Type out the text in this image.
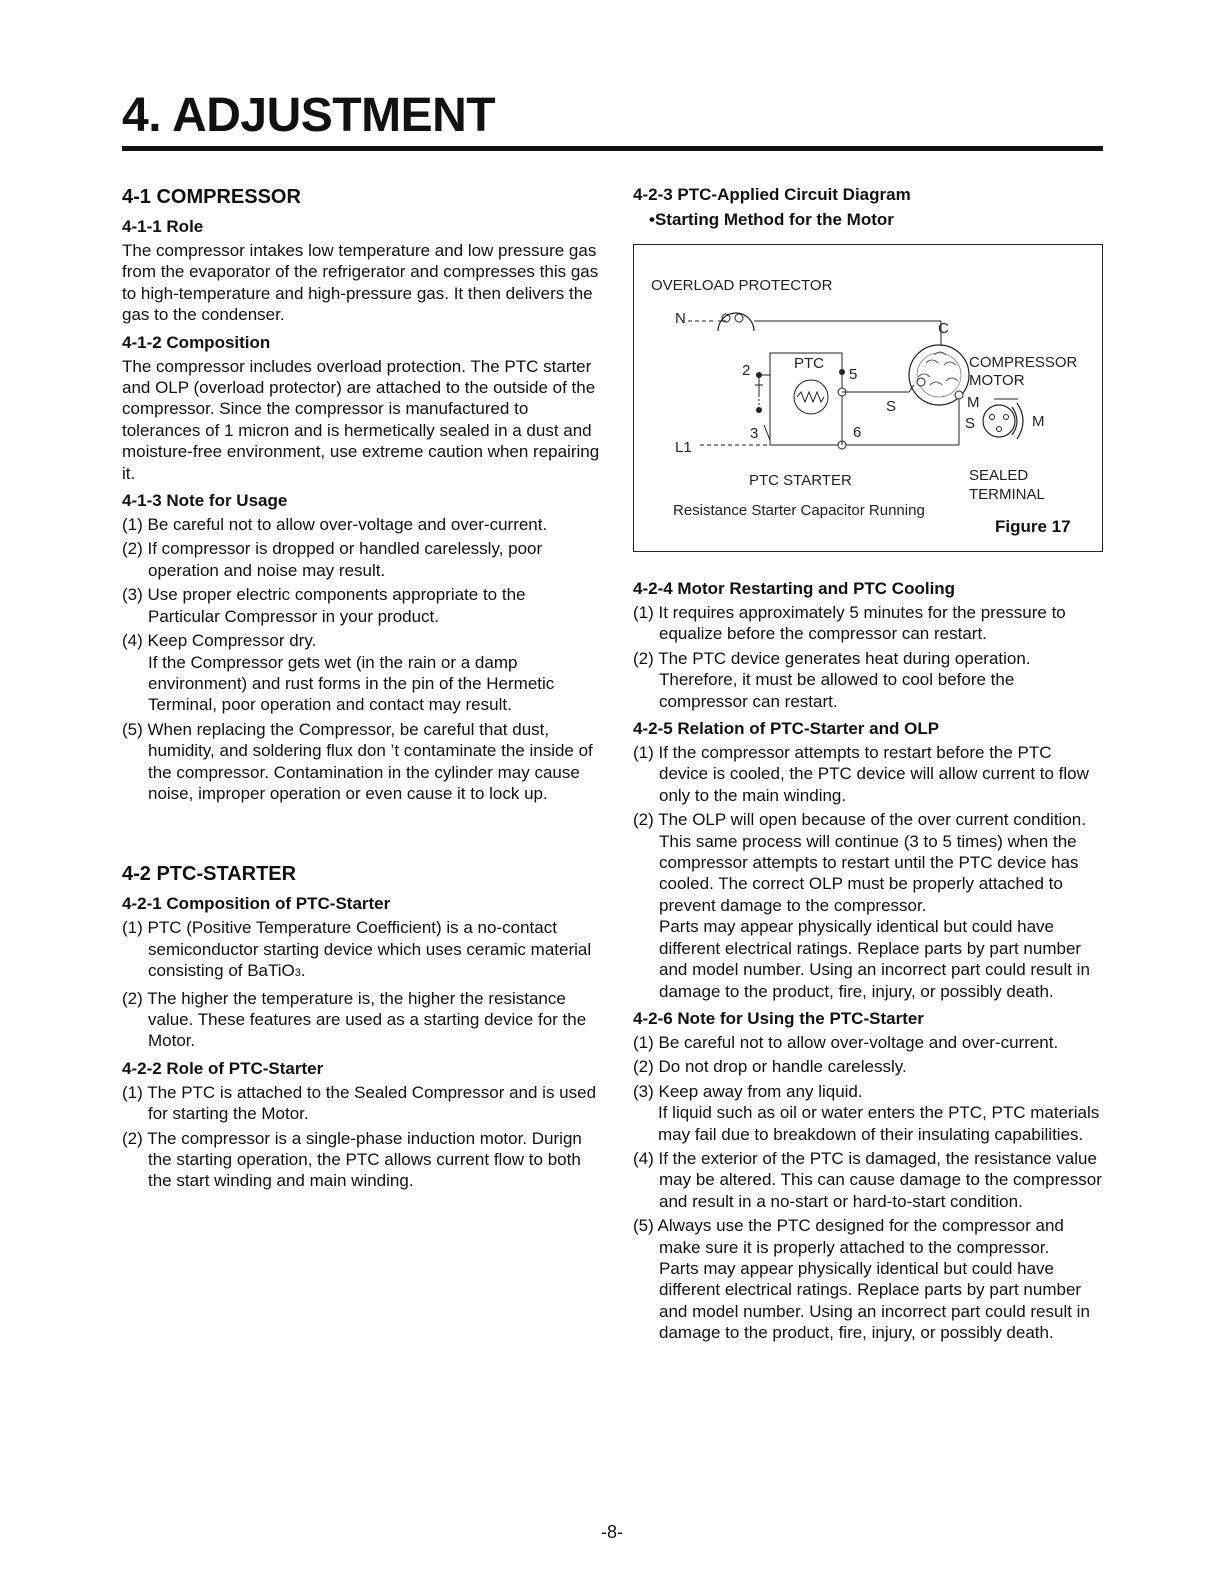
4. ADJUSTMENT
4-1 COMPRESSOR
4-1-1 Role

The compressor intakes low temperature and low pressure gas from the evaporator of the refrigerator and compresses this gas to high-temperature and high-pressure gas. It then delivers the gas to the condenser.

4-1-2 Composition

The compressor includes overload protection. The PTC starter and OLP (overload protector) are attached to the outside of the compressor. Since the compressor is manufactured to tolerances of 1 micron and is hermetically sealed in a dust and moisture-free environment, use extreme caution when repairing it.

4-1-3 Note for Usage

(1) Be careful not to allow over-voltage and over-current.

(2) If compressor is dropped or handled carelessly, poor operation and noise may result.

(3) Use proper electric components appropriate to the Particular Compressor in your product.

(4) Keep Compressor dry.

If the Compressor gets wet (in the rain or a damp environment) and rust forms in the pin of the Hermetic Terminal, poor operation and contact may result.

(5) When replacing the Compressor, be careful that dust, humidity, and soldering flux don ’t contaminate the inside of the compressor. Contamination in the cylinder may cause noise, improper operation or even cause it to lock up.

4-2 PTC-STARTER
4-2-1 Composition of PTC-Starter

(1) PTC (Positive Temperature Coefficient) is a no-contact semiconductor starting device which uses ceramic material consisting of BaTiO3.

(2) The higher the temperature is, the higher the resistance value. These features are used as a starting device for the Motor.

4-2-2 Role of PTC-Starter

(1) The PTC is attached to the Sealed Compressor and is used for starting the Motor.

(2) The compressor is a single-phase induction motor. Durign the starting operation, the PTC allows current flow to both the start winding and main winding.

4-2-3 PTC-Applied Circuit Diagram

•Starting Method for the Motor

OVERLOAD PROTECTOR
N
L1
PTC
2
3
5
6
C
S
COMPRESSOR
MOTOR
M
S	M
SEALED
TERMINAL
PTC STARTER
Resistance Starter Capacitor Running
Figure 17
4-2-4 Motor Restarting and PTC Cooling

(1) It requires approximately 5 minutes for the pressure to equalize before the compressor can restart.

(2) The PTC device generates heat during operation. Therefore, it must be allowed to cool before the compressor can restart.

4-2-5 Relation of PTC-Starter and OLP

(1) If the compressor attempts to restart before the PTC device is cooled, the PTC device will allow current to flow only to the main winding.

(2) The OLP will open because of the over current condition. This same process will continue (3 to 5 times) when the compressor attempts to restart until the PTC device has cooled. The correct OLP must be properly attached to prevent damage to the compressor.

Parts may appear physically identical but could have different electrical ratings. Replace parts by part number and model number. Using an incorrect part could result in damage to the product, fire, injury, or possibly death.

4-2-6 Note for Using the PTC-Starter

(1) Be careful not to allow over-voltage and over-current.

(2) Do not drop or handle carelessly.

(3) Keep away from any liquid.

If liquid such as oil or water enters the PTC, PTC materials may fail due to breakdown of their insulating capabilities.

(4) If the exterior of the PTC is damaged, the resistance value may be altered. This can cause damage to the compressor and result in a no-start or hard-to-start condition.

(5) Always use the PTC designed for the compressor and make sure it is properly attached to the compressor.

Parts may appear physically identical but could have different electrical ratings. Replace parts by part number and model number. Using an incorrect part could result in damage to the product, fire, injury, or possibly death.

-8-
